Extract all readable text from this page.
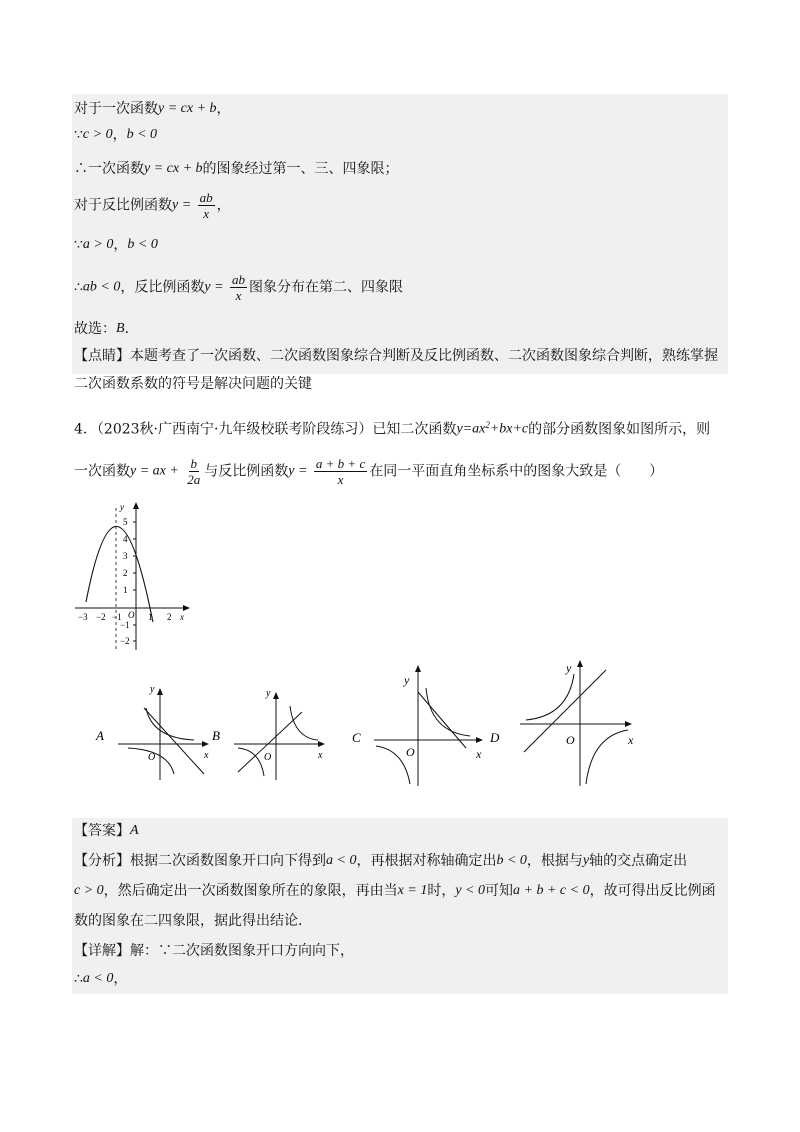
对于一次函数y = cx + b，
∵c > 0，b < 0
∴一次函数y = cx + b的图象经过第一、三、四象限；
对于反比例函数$y = \frac{ab}{x}$ ，
∵a > 0，b < 0
∴ab < 0，反比例函数$y = \frac{ab}{x}$ 图象分布在第二、四象限
故选：B.
【点睛】本题考查了一次函数、二次函数图象综合判断及反比例函数、二次函数图象综合判断，熟练掌握
二次函数系数的符号是解决问题的关键
4．（2023秋·广西南宁·九年级校联考阶段练习）已知二次函数$y=ax^2+bx+c$的部分函数图象如图所示，则
一次函数y = ax + $\frac{b}{2a}$ 与反比例函数$y = \frac{a + b + c}{x}$ 在同一平面直角坐标系中的图象大致是（　　）
y
x
O
5
4
3
2
1
−1
−2
−3 −2 −1	1 2
A
y
x
O
B
y
x
O
C
y
x
O
D
y
x
O
【答案】A
【分析】根据二次函数图象开口向下得到a < 0，再根据对称轴确定出b < 0，根据与y轴的交点确定出
c > 0，然后确定出一次函数图象所在的象限，再由当x = 1时，y < 0可知a + b + c < 0，故可得出反比例函
数的图象在二四象限，据此得出结论．
【详解】解：∵二次函数图象开口方向向下，
∴a < 0，
